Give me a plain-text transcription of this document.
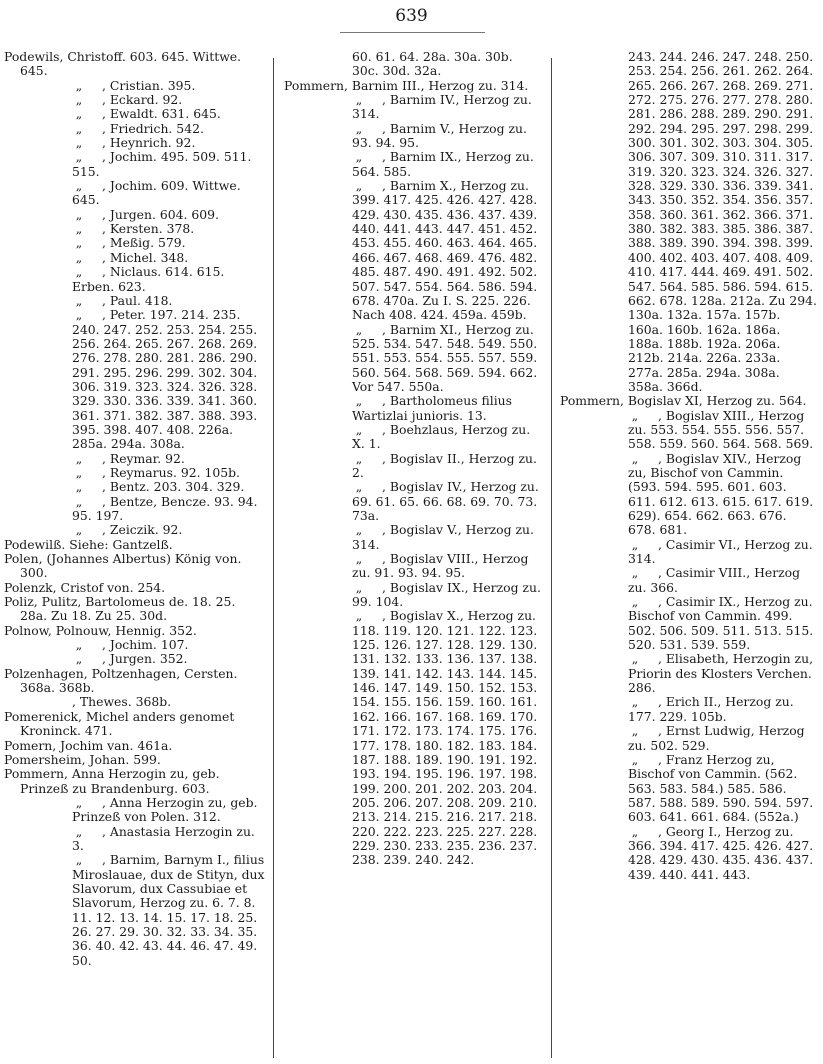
639
Podewils, Christoff. 603. 645. Wittwe. 645.
„ , Cristian. 395.
„ , Eckard. 92.
„ , Ewaldt. 631. 645.
„ , Friedrich. 542.
„ , Heynrich. 92.
„ , Jochim. 495. 509. 511. 515.
„ , Jochim. 609. Wittwe. 645.
„ , Jurgen. 604. 609.
„ , Kersten. 378.
„ , Meßig. 579.
„ , Michel. 348.
„ , Niclaus. 614. 615. Erben. 623.
„ , Paul. 418.
„ , Peter. 197. 214. 235. 240. 247. 252. 253. 254. 255. 256. 264. 265. 267. 268. 269. 276. 278. 280. 281. 286. 290. 291. 295. 296. 299. 302. 304. 306. 319. 323. 324. 326. 328. 329. 330. 336. 339. 341. 360. 361. 371. 382. 387. 388. 393. 395. 398. 407. 408. 226a. 285a. 294a. 308a.
„ , Reymar. 92.
„ , Reymarus. 92. 105b.
„ , Bentz. 203. 304. 329.
„ , Bentze, Bencze. 93. 94. 95. 197.
„ , Zeiczik. 92.
Podewilß. Siehe: Gantzelß.
Polen, (Johannes Albertus) König von. 300.
Polenzk, Cristof von. 254.
Poliz, Pulitz, Bartolomeus de. 18. 25. 28a. Zu 18. Zu 25. 30d.
Polnow, Polnouw, Hennig. 352.
„ , Jochim. 107.
„ , Jurgen. 352.
Polzenhagen, Poltzenhagen, Cersten. 368a. 368b.
, Thewes. 368b.
Pomerenick, Michel anders genomet Kroninck. 471.
Pomern, Jochim van. 461a.
Pomersheim, Johan. 599.
Pommern, Anna Herzogin zu, geb. Prinzeß zu Brandenburg. 603.
„ , Anna Herzogin zu, geb. Prinzeß von Polen. 312.
„ , Anastasia Herzogin zu. 3.
„ , Barnim, Barnym I., filius Miroslauae, dux de Stityn, dux Slavorum, dux Cassubiae et Slavorum, Herzog zu. 6. 7. 8. 11. 12. 13. 14. 15. 17. 18. 25. 26. 27. 29. 30. 32. 33. 34. 35. 36. 40. 42. 43. 44. 46. 47. 49. 50.
60. 61. 64. 28a. 30a. 30b. 30c. 30d. 32a.
Pommern, Barnim III., Herzog zu. 314.
„ , Barnim IV., Herzog zu. 314.
„ , Barnim V., Herzog zu. 93. 94. 95.
„ , Barnim IX., Herzog zu. 564. 585.
„ , Barnim X., Herzog zu. 399. 417. 425. 426. 427. 428. 429. 430. 435. 436. 437. 439. 440. 441. 443. 447. 451. 452. 453. 455. 460. 463. 464. 465. 466. 467. 468. 469. 476. 482. 485. 487. 490. 491. 492. 502. 507. 547. 554. 564. 586. 594. 678. 470a. Zu I. S. 225. 226. Nach 408. 424. 459a. 459b.
„ , Barnim XI., Herzog zu. 525. 534. 547. 548. 549. 550. 551. 553. 554. 555. 557. 559. 560. 564. 568. 569. 594. 662. Vor 547. 550a.
„ , Bartholomeus filius Wartizlai junioris. 13.
„ , Boehzlaus, Herzog zu. X. 1.
„ , Bogislav II., Herzog zu. 2.
„ , Bogislav IV., Herzog zu. 69. 61. 65. 66. 68. 69. 70. 73. 73a.
„ , Bogislav V., Herzog zu. 314.
„ , Bogislav VIII., Herzog zu. 91. 93. 94. 95.
„ , Bogislav IX., Herzog zu. 99. 104.
„ , Bogislav X., Herzog zu. 118. 119. 120. 121. 122. 123. 125. 126. 127. 128. 129. 130. 131. 132. 133. 136. 137. 138. 139. 141. 142. 143. 144. 145. 146. 147. 149. 150. 152. 153. 154. 155. 156. 159. 160. 161. 162. 166. 167. 168. 169. 170. 171. 172. 173. 174. 175. 176. 177. 178. 180. 182. 183. 184. 187. 188. 189. 190. 191. 192. 193. 194. 195. 196. 197. 198. 199. 200. 201. 202. 203. 204. 205. 206. 207. 208. 209. 210. 213. 214. 215. 216. 217. 218. 220. 222. 223. 225. 227. 228. 229. 230. 233. 235. 236. 237. 238. 239. 240. 242.
243. 244. 246. 247. 248. 250. 253. 254. 256. 261. 262. 264. 265. 266. 267. 268. 269. 271. 272. 275. 276. 277. 278. 280. 281. 286. 288. 289. 290. 291. 292. 294. 295. 297. 298. 299. 300. 301. 302. 303. 304. 305. 306. 307. 309. 310. 311. 317. 319. 320. 323. 324. 326. 327. 328. 329. 330. 336. 339. 341. 343. 350. 352. 354. 356. 357. 358. 360. 361. 362. 366. 371. 380. 382. 383. 385. 386. 387. 388. 389. 390. 394. 398. 399. 400. 402. 403. 407. 408. 409. 410. 417. 444. 469. 491. 502. 547. 564. 585. 586. 594. 615. 662. 678. 128a. 212a. Zu 294. 130a. 132a. 157a. 157b. 160a. 160b. 162a. 186a. 188a. 188b. 192a. 206a. 212b. 214a. 226a. 233a. 277a. 285a. 294a. 308a. 358a. 366d.
Pommern, Bogislav XI, Herzog zu. 564.
„ , Bogislav XIII., Herzog zu. 553. 554. 555. 556. 557. 558. 559. 560. 564. 568. 569.
„ , Bogislav XIV., Herzog zu, Bischof von Cammin. (593. 594. 595. 601. 603. 611. 612. 613. 615. 617. 619. 629). 654. 662. 663. 676. 678. 681.
„ , Casimir VI., Herzog zu. 314.
„ , Casimir VIII., Herzog zu. 366.
„ , Casimir IX., Herzog zu. Bischof von Cammin. 499. 502. 506. 509. 511. 513. 515. 520. 531. 539. 559.
„ , Elisabeth, Herzogin zu, Priorin des Klosters Verchen. 286.
„ , Erich II., Herzog zu. 177. 229. 105b.
„ , Ernst Ludwig, Herzog zu. 502. 529.
„ , Franz Herzog zu, Bischof von Cammin. (562. 563. 583. 584.) 585. 586. 587. 588. 589. 590. 594. 597. 603. 641. 661. 684. (552a.)
„ , Georg I., Herzog zu. 366. 394. 417. 425. 426. 427. 428. 429. 430. 435. 436. 437. 439. 440. 441. 443.
